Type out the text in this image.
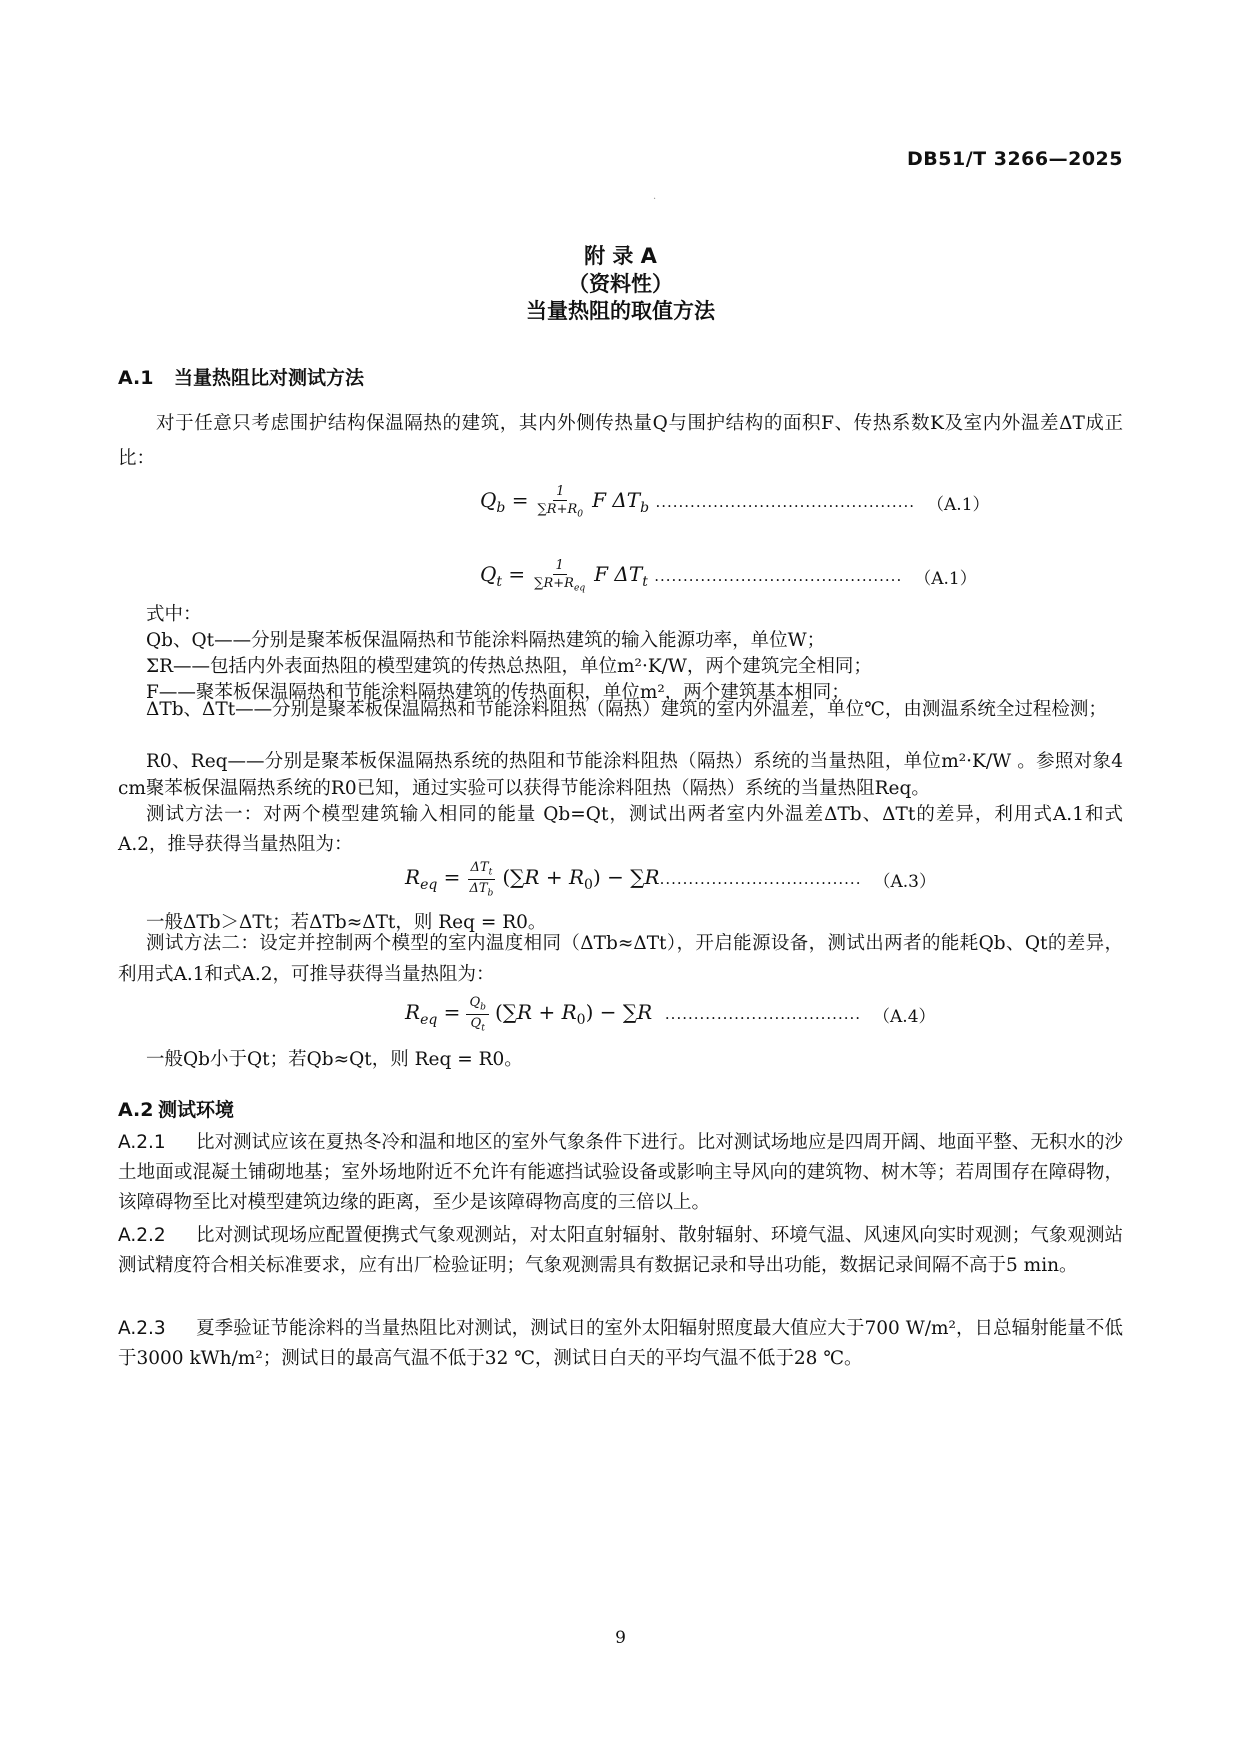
DB51/T 3266—2025
·
附 录 A
（资料性）
当量热阻的取值方法
A.1 当量热阻比对测试方法
对于任意只考虑围护结构保温隔热的建筑，其内外侧传热量Q与围护结构的面积F、传热系数K及室内外温差ΔT成正比：
$Q_b = \frac{1}{\sum R+R_0}$ F $\Delta T_b$ ............................................. （A.1）
$Q_t = \frac{1}{\sum R+R_{eq}}$ F $\Delta T_t$ ........................................... （A.1）
式中：
Qb、Qt——分别是聚苯板保温隔热和节能涂料隔热建筑的输入能源功率，单位W；
ΣR——包括内外表面热阻的模型建筑的传热总热阻，单位m²·K/W，两个建筑完全相同；
F——聚苯板保温隔热和节能涂料隔热建筑的传热面积，单位m²，两个建筑基本相同；
ΔTb、ΔTt——分别是聚苯板保温隔热和节能涂料阻热（隔热）建筑的室内外温差，单位℃，由测温系统全过程检测；
R0、Req——分别是聚苯板保温隔热系统的热阻和节能涂料阻热（隔热）系统的当量热阻，单位m²·K/W 。参照对象4 cm聚苯板保温隔热系统的R0已知，通过实验可以获得节能涂料阻热（隔热）系统的当量热阻Req。
测试方法一：对两个模型建筑输入相同的能量 Qb=Qt，测试出两者室内外温差ΔTb、ΔTt的差异，利用式A.1和式A.2，推导获得当量热阻为：
$R_{eq} = \frac{\Delta T_t}{\Delta T_b} (\sum R + R_0) - \sum R$ ................................... （A.3）
一般ΔTb＞ΔTt；若ΔTb≈ΔTt，则 Req = R0。
测试方法二：设定并控制两个模型的室内温度相同（ΔTb≈ΔTt），开启能源设备，测试出两者的能耗Qb、Qt的差异，利用式A.1和式A.2，可推导获得当量热阻为：
$R_{eq} = \frac{Q_b}{Q_t} (\sum R + R_0) - \sum R$ .................................. （A.4）
一般Qb小于Qt；若Qb≈Qt，则 Req = R0。
A.2 测试环境
A.2.1 比对测试应该在夏热冬冷和温和地区的室外气象条件下进行。比对测试场地应是四周开阔、地面平整、无积水的沙土地面或混凝土铺砌地基；室外场地附近不允许有能遮挡试验设备或影响主导风向的建筑物、树木等；若周围存在障碍物，该障碍物至比对模型建筑边缘的距离，至少是该障碍物高度的三倍以上。
A.2.2 比对测试现场应配置便携式气象观测站，对太阳直射辐射、散射辐射、环境气温、风速风向实时观测；气象观测站测试精度符合相关标准要求，应有出厂检验证明；气象观测需具有数据记录和导出功能，数据记录间隔不高于5 min。
A.2.3 夏季验证节能涂料的当量热阻比对测试，测试日的室外太阳辐射照度最大值应大于700 W/m²，日总辐射能量不低于3000 kWh/m²；测试日的最高气温不低于32 ℃，测试日白天的平均气温不低于28 ℃。
9
